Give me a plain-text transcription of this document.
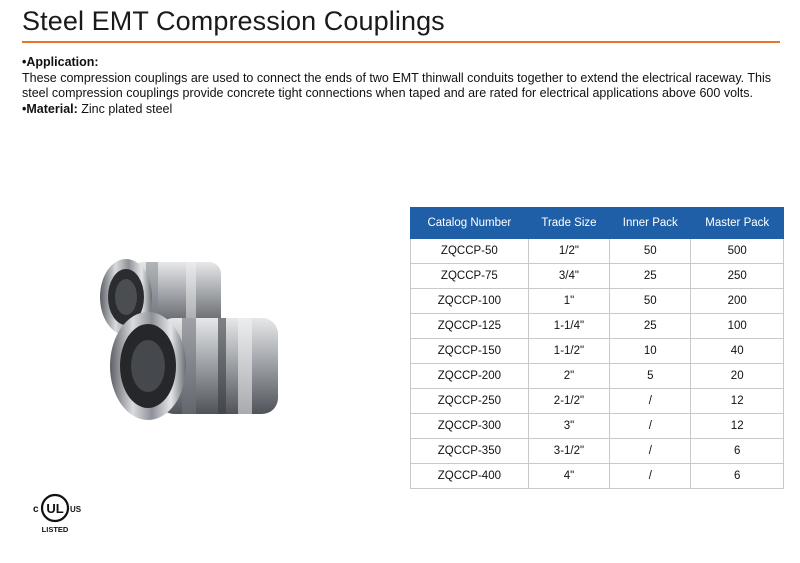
Steel EMT Compression Couplings
•Application:
These compression couplings are used to connect the ends of two EMT thinwall conduits together to extend the electrical raceway. This steel compression couplings provide concrete tight connections when taped and are rated for electrical applications above 600 volts.
•Material: Zinc plated steel
Catalog Number	Trade Size	Inner Pack	Master Pack
ZQCCP-50	1/2"	50	500
ZQCCP-75	3/4"	25	250
ZQCCP-100	1"	50	200
ZQCCP-125	1-1/4"	25	100
ZQCCP-150	1-1/2"	10	40
ZQCCP-200	2"	5	20
ZQCCP-250	2-1/2"	/	12
ZQCCP-300	3"	/	12
ZQCCP-350	3-1/2"	/	6
ZQCCP-400	4"	/	6
c UL US
LISTED
